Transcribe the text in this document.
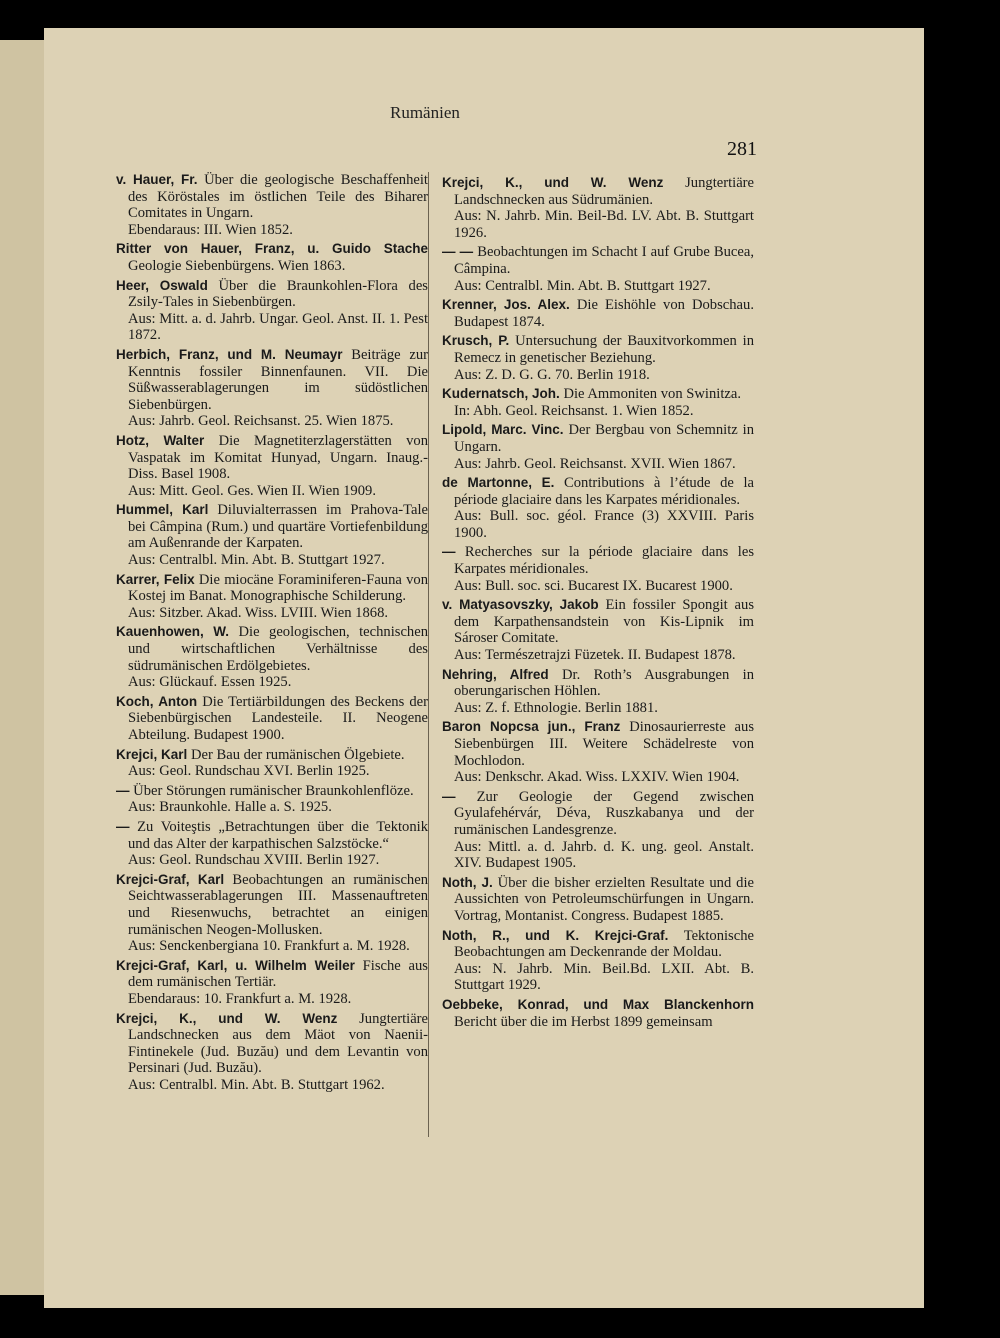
Rumänien
281
v. Hauer, Fr. Über die geologische Beschaffenheit des Köröstales im östlichen Teile des Biharer Comitates in Ungarn.
Ebendaraus: III. Wien 1852.
Ritter von Hauer, Franz, u. Guido Stache Geologie Siebenbürgens. Wien 1863.
Heer, Oswald Über die Braunkohlen-Flora des Zsily-Tales in Siebenbürgen.
Aus: Mitt. a. d. Jahrb. Ungar. Geol. Anst. II. 1. Pest 1872.
Herbich, Franz, und M. Neumayr Beiträge zur Kenntnis fossiler Binnenfaunen. VII. Die Süßwasserablagerungen im südöstlichen Siebenbürgen.
Aus: Jahrb. Geol. Reichsanst. 25. Wien 1875.
Hotz, Walter Die Magnetiterzlagerstätten von Vaspatak im Komitat Hunyad, Ungarn. Inaug.-Diss. Basel 1908.
Aus: Mitt. Geol. Ges. Wien II. Wien 1909.
Hummel, Karl Diluvialterrassen im Prahova-Tale bei Câmpina (Rum.) und quartäre Vortiefenbildung am Außenrande der Karpaten.
Aus: Centralbl. Min. Abt. B. Stuttgart 1927.
Karrer, Felix Die miocäne Foraminiferen-Fauna von Kostej im Banat. Monographische Schilderung.
Aus: Sitzber. Akad. Wiss. LVIII. Wien 1868.
Kauenhowen, W. Die geologischen, technischen und wirtschaftlichen Verhältnisse des südrumänischen Erdölgebietes.
Aus: Glückauf. Essen 1925.
Koch, Anton Die Tertiärbildungen des Beckens der Siebenbürgischen Landesteile. II. Neogene Abteilung. Budapest 1900.
Krejci, Karl Der Bau der rumänischen Ölgebiete.
Aus: Geol. Rundschau XVI. Berlin 1925.
— Über Störungen rumänischer Braunkohlenflöze.
Aus: Braunkohle. Halle a. S. 1925.
— Zu Voiteştis „Betrachtungen über die Tektonik und das Alter der karpathischen Salzstöcke.“
Aus: Geol. Rundschau XVIII. Berlin 1927.
Krejci-Graf, Karl Beobachtungen an rumänischen Seichtwasserablagerungen III. Massenauftreten und Riesenwuchs, betrachtet an einigen rumänischen Neogen-Mollusken.
Aus: Senckenbergiana 10. Frankfurt a. M. 1928.
Krejci-Graf, Karl, u. Wilhelm Weiler Fische aus dem rumänischen Tertiär.
Ebendaraus: 10. Frankfurt a. M. 1928.
Krejci, K., und W. Wenz Jungtertiäre Landschnecken aus dem Mäot von Naenii-Fintinekele (Jud. Buzău) und dem Levantin von Persinari (Jud. Buzău).
Aus: Centralbl. Min. Abt. B. Stuttgart 1962.
Krejci, K., und W. Wenz Jungtertiäre Landschnecken aus Südrumänien.
Aus: N. Jahrb. Min. Beil-Bd. LV. Abt. B. Stuttgart 1926.
— — Beobachtungen im Schacht I auf Grube Bucea, Câmpina.
Aus: Centralbl. Min. Abt. B. Stuttgart 1927.
Krenner, Jos. Alex. Die Eishöhle von Dobschau. Budapest 1874.
Krusch, P. Untersuchung der Bauxitvorkommen in Remecz in genetischer Beziehung.
Aus: Z. D. G. G. 70. Berlin 1918.
Kudernatsch, Joh. Die Ammoniten von Swinitza.
In: Abh. Geol. Reichsanst. 1. Wien 1852.
Lipold, Marc. Vinc. Der Bergbau von Schemnitz in Ungarn.
Aus: Jahrb. Geol. Reichsanst. XVII. Wien 1867.
de Martonne, E. Contributions à l’étude de la période glaciaire dans les Karpates méridionales.
Aus: Bull. soc. géol. France (3) XXVIII. Paris 1900.
— Recherches sur la période glaciaire dans les Karpates méridionales.
Aus: Bull. soc. sci. Bucarest IX. Bucarest 1900.
v. Matyasovszky, Jakob Ein fossiler Spongit aus dem Karpathensandstein von Kis-Lipnik im Sároser Comitate.
Aus: Természetrajzi Füzetek. II. Budapest 1878.
Nehring, Alfred Dr. Roth’s Ausgrabungen in oberungarischen Höhlen.
Aus: Z. f. Ethnologie. Berlin 1881.
Baron Nopcsa jun., Franz Dinosaurierreste aus Siebenbürgen III. Weitere Schädelreste von Mochlodon.
Aus: Denkschr. Akad. Wiss. LXXIV. Wien 1904.
— Zur Geologie der Gegend zwischen Gyulafehérvár, Déva, Ruszkabanya und der rumänischen Landesgrenze.
Aus: Mittl. a. d. Jahrb. d. K. ung. geol. Anstalt. XIV. Budapest 1905.
Noth, J. Über die bisher erzielten Resultate und die Aussichten von Petroleumschürfungen in Ungarn. Vortrag, Montanist. Congress. Budapest 1885.
Noth, R., und K. Krejci-Graf. Tektonische Beobachtungen am Deckenrande der Moldau.
Aus: N. Jahrb. Min. Beil.Bd. LXII. Abt. B. Stuttgart 1929.
Oebbeke, Konrad, und Max Blanckenhorn Bericht über die im Herbst 1899 gemeinsam
